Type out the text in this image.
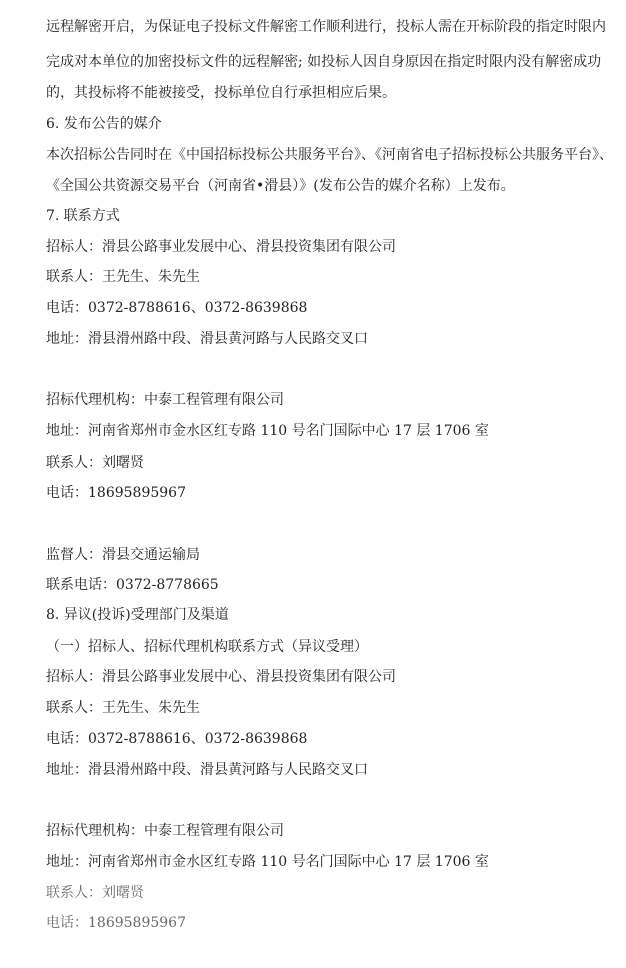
远程解密开启，为保证电子投标文件解密工作顺利进行，投标人需在开标阶段的指定时限内
完成对本单位的加密投标文件的远程解密; 如投标人因自身原因在指定时限内没有解密成功
的，其投标将不能被接受，投标单位自行承担相应后果。
6. 发布公告的媒介
本次招标公告同时在《中国招标投标公共服务平台》、《河南省电子招标投标公共服务平台》、
《全国公共资源交易平台（河南省•滑县）》(发布公告的媒介名称）上发布。
7. 联系方式
招标人：滑县公路事业发展中心、滑县投资集团有限公司
联系人：王先生、朱先生
电话：0372-8788616、0372-8639868
地址：滑县滑州路中段、滑县黄河路与人民路交叉口
招标代理机构：中泰工程管理有限公司
地址：河南省郑州市金水区红专路 110 号名门国际中心 17 层 1706 室
联系人：刘曙贤
电话：18695895967
监督人：滑县交通运输局
联系电话：0372-8778665
8. 异议(投诉)受理部门及渠道
（一）招标人、招标代理机构联系方式（异议受理）
招标人：滑县公路事业发展中心、滑县投资集团有限公司
联系人：王先生、朱先生
电话：0372-8788616、0372-8639868
地址：滑县滑州路中段、滑县黄河路与人民路交叉口
招标代理机构：中泰工程管理有限公司
地址：河南省郑州市金水区红专路 110 号名门国际中心 17 层 1706 室
联系人：刘曙贤
电话：18695895967
